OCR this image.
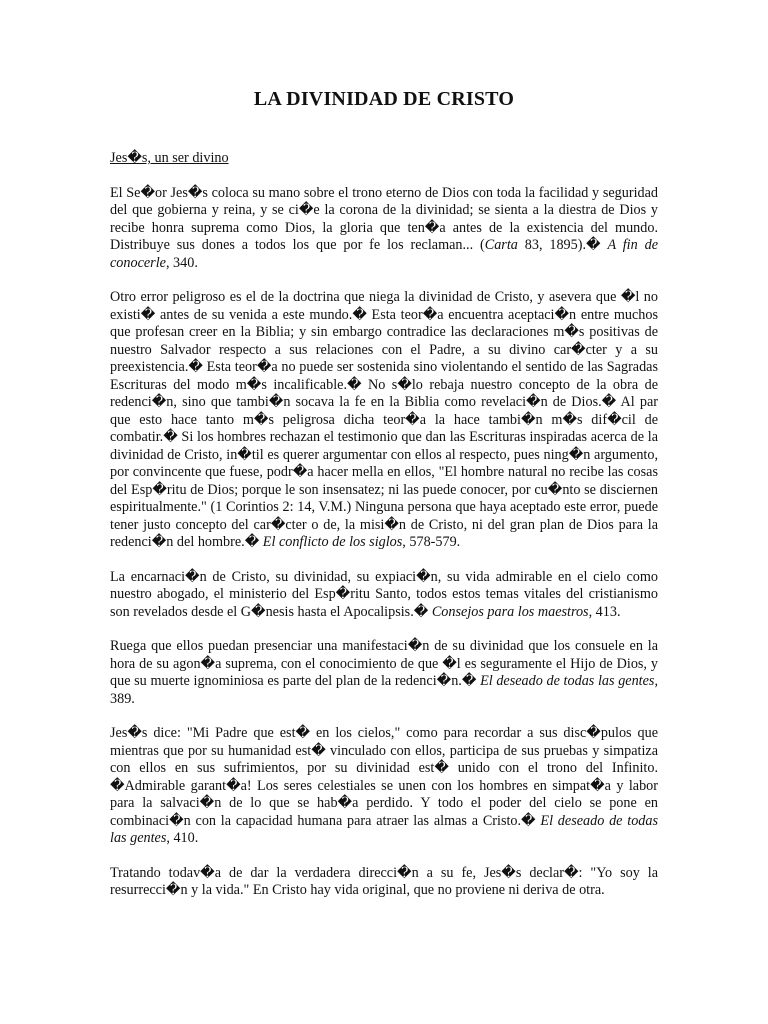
LA DIVINIDAD DE CRISTO
Jes�s, un ser divino

El Se�or Jes�s coloca su mano sobre el trono eterno de Dios con toda la facilidad y seguridad del que gobierna y reina, y se ci�e la corona de la divinidad; se sienta a la diestra de Dios y recibe honra suprema como Dios, la gloria que ten�a antes de la existencia del mundo. Distribuye sus dones a todos los que por fe los reclaman... (Carta 83, 1895).� A fin de conocerle, 340.

Otro error peligroso es el de la doctrina que niega la divinidad de Cristo, y asevera que �l no existi� antes de su venida a este mundo.� Esta teor�a encuentra aceptaci�n entre muchos que profesan creer en la Biblia; y sin embargo contradice las declaraciones m�s positivas de nuestro Salvador respecto a sus relaciones con el Padre, a su divino car�cter y a su preexistencia.� Esta teor�a no puede ser sostenida sino violentando el sentido de las Sagradas Escrituras del modo m�s incalificable.� No s�lo rebaja nuestro concepto de la obra de redenci�n, sino que tambi�n socava la fe en la Biblia como revelaci�n de Dios.� Al par que esto hace tanto m�s peligrosa dicha teor�a la hace tambi�n m�s dif�cil de combatir.� Si los hombres rechazan el testimonio que dan las Escrituras inspiradas acerca de la divinidad de Cristo, in�til es querer argumentar con ellos al respecto, pues ning�n argumento, por convincente que fuese, podr�a hacer mella en ellos, "El hombre natural no recibe las cosas del Esp�ritu de Dios; porque le son insensatez; ni las puede conocer, por cu�nto se disciernen espiritualmente." (1 Corintios 2: 14, V.M.) Ninguna persona que haya aceptado este error, puede tener justo concepto del car�cter o de, la misi�n de Cristo, ni del gran plan de Dios para la redenci�n del hombre.� El conflicto de los siglos, 578-579.

La encarnaci�n de Cristo, su divinidad, su expiaci�n, su vida admirable en el cielo como nuestro abogado, el ministerio del Esp�ritu Santo, todos estos temas vitales del cristianismo son revelados desde el G�nesis hasta el Apocalipsis.� Consejos para los maestros, 413.

Ruega que ellos puedan presenciar una manifestaci�n de su divinidad que los consuele en la hora de su agon�a suprema, con el conocimiento de que �l es seguramente el Hijo de Dios, y que su muerte ignominiosa es parte del plan de la redenci�n.� El deseado de todas las gentes, 389.

Jes�s dice: "Mi Padre que est� en los cielos," como para recordar a sus disc�pulos que mientras que por su humanidad est� vinculado con ellos, participa de sus pruebas y simpatiza con ellos en sus sufrimientos, por su divinidad est� unido con el trono del Infinito. �Admirable garant�a! Los seres celestiales se unen con los hombres en simpat�a y labor para la salvaci�n de lo que se hab�a perdido. Y todo el poder del cielo se pone en combinaci�n con la capacidad humana para atraer las almas a Cristo.� El deseado de todas las gentes, 410.

Tratando todav�a de dar la verdadera direcci�n a su fe, Jes�s declar�: "Yo soy la resurrecci�n y la vida." En Cristo hay vida original, que no proviene ni deriva de otra.
